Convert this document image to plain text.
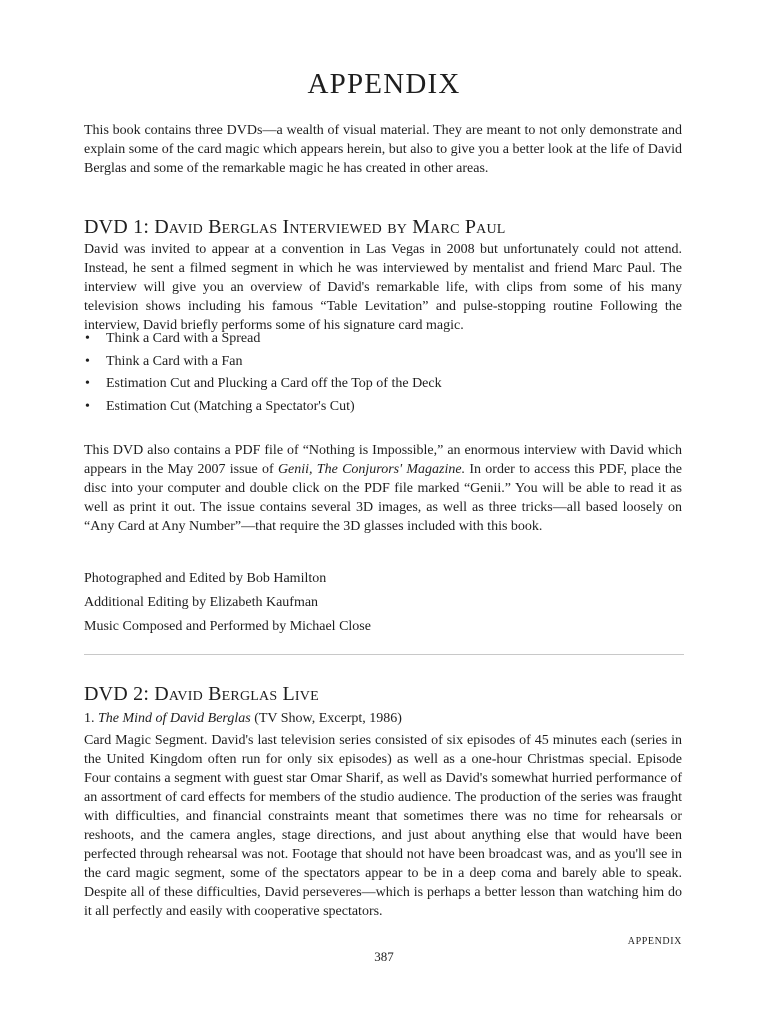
APPENDIX

This book contains three DVDs—a wealth of visual material. They are meant to not only demonstrate and explain some of the card magic which appears herein, but also to give you a better look at the life of David Berglas and some of the remarkable magic he has created in other areas.

DVD 1: David Berglas Interviewed by Marc Paul

David was invited to appear at a convention in Las Vegas in 2008 but unfortunately could not attend. Instead, he sent a filmed segment in which he was interviewed by mentalist and friend Marc Paul. The interview will give you an overview of David's remarkable life, with clips from some of his many television shows including his famous “Table Levitation” and pulse-stopping routine Following the interview, David briefly performs some of his signature card magic.

• Think a Card with a Spread
• Think a Card with a Fan
• Estimation Cut and Plucking a Card off the Top of the Deck
• Estimation Cut (Matching a Spectator's Cut)

This DVD also contains a PDF file of “Nothing is Impossible,” an enormous interview with David which appears in the May 2007 issue of Genii, The Conjurors' Magazine. In order to access this PDF, place the disc into your computer and double click on the PDF file marked “Genii.” You will be able to read it as well as print it out. The issue contains several 3D images, as well as three tricks—all based loosely on “Any Card at Any Number”—that require the 3D glasses included with this book.

Photographed and Edited by Bob Hamilton
Additional Editing by Elizabeth Kaufman
Music Composed and Performed by Michael Close
DVD 2: David Berglas Live

1. The Mind of David Berglas (TV Show, Excerpt, 1986)

Card Magic Segment. David's last television series consisted of six episodes of 45 minutes each (series in the United Kingdom often run for only six episodes) as well as a one-hour Christmas special. Episode Four contains a segment with guest star Omar Sharif, as well as David's somewhat hurried performance of an assortment of card effects for members of the studio audience. The production of the series was fraught with difficulties, and financial constraints meant that sometimes there was no time for rehearsals or reshoots, and the camera angles, stage directions, and just about anything else that would have been perfected through rehearsal was not. Footage that should not have been broadcast was, and as you'll see in the card magic segment, some of the spectators appear to be in a deep coma and barely able to speak. Despite all of these difficulties, David perseveres—which is perhaps a better lesson than watching him do it all perfectly and easily with cooperative spectators.

APPENDIX

387
